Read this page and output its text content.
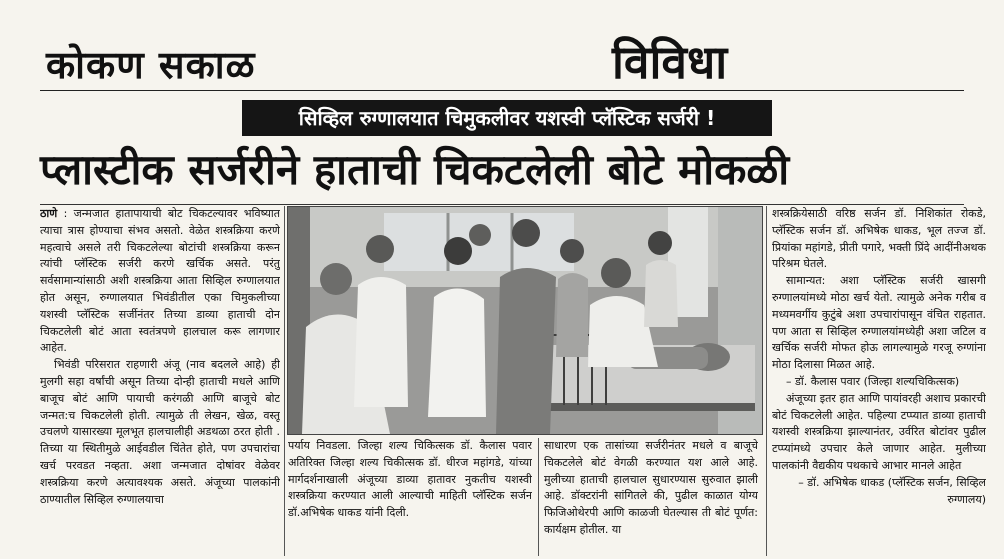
कोकण सकाळ	विविधा
सिव्हिल रुग्णालयात चिमुकलीवर यशस्वी प्लॅस्टिक सर्जरी !
प्लास्टीक सर्जरीने हाताची चिकटलेली बोटे मोकळी

ठाणे : जन्मजात हातापायाची बोट चिकटल्यावर भविष्यात त्याचा त्रास होण्याचा संभव असतो. वेळेत शस्त्रक्रिया करणे महत्वाचे असले तरी चिकटलेल्या बोटांची शस्त्रक्रिया करून त्यांची प्लॅस्टिक सर्जरी करणे खर्चिक असते. परंतु सर्वसामान्यांसाठी अशी शस्त्रक्रिया आता सिव्हिल रुग्णालयात होत असून, रुग्णालयात भिवंडीतील एका चिमुकलीच्या यशस्वी प्लॅस्टिक सर्जीनंतर तिच्या डाव्या हाताची दोन चिकटलेली बोटं आता स्वतंत्रपणे हालचाल करू लागणार आहेत.

भिवंडी परिसरात राहणारी अंजू (नाव बदलले आहे) ही मुलगी सहा वर्षांची असून तिच्या दोन्ही हाताची मधले आणि बाजूच बोटं आणि पायाची करंगळी आणि बाजूचे बोट जन्मत:च चिकटलेली होती. त्यामुळे ती लेखन, खेळ, वस्तू उचलणे यासारख्या मूलभूत हालचालीही अडथळा ठरत होती . तिच्या या स्थितीमुळे आईवडील चिंतेत होते, पण उपचारांचा खर्च परवडत नव्हता. अशा जन्मजात दोषांवर वेळेवर शस्त्रक्रिया करणे अत्यावश्यक असते. अंजूच्या पालकांनी ठाण्यातील सिव्हिल रुग्णालयाचा

पर्याय निवडला. जिल्हा शल्य चिकित्सक डॉ. कैलास पवार अतिरिक्त जिल्हा शल्य चिकीत्सक डॉ. धीरज महांगडे, यांच्या मार्गदर्शनाखाली अंजूच्या डाव्या हातावर नुकतीच यशस्वी शस्त्रक्रिया करण्यात आली आल्याची माहिती प्लॅस्टिक सर्जन डॉ.अभिषेक धाकड यांनी दिली.

साधारण एक तासांच्या सर्जरीनंतर मधले व बाजूचे चिकटलेले बोटं वेगळी करण्यात यश आले आहे. मुलीच्या हाताची हालचाल सुधारण्यास सुरुवात झाली आहे. डॉक्टरांनी सांगितले की, पुढील काळात योग्य फिजिओथेरपी आणि काळजी घेतल्यास ती बोटं पूर्णत: कार्यक्षम होतील. या

शस्त्रक्रियेसाठी वरिष्ठ सर्जन डॉ. निशिकांत रोकडे, प्लॅस्टिक सर्जन डॉ. अभिषेक धाकड, भूल तज्ज डॉ. प्रियांका महांगडे, प्रीती पगारे, भक्ती प्रिंदे आदींनीअथक परिश्रम घेतले.

सामान्यत: अशा प्लॅस्टिक सर्जरी खासगी रुग्णालयांमध्ये मोठा खर्च येतो. त्यामुळे अनेक गरीब व मध्यमवर्गीय कुटुंबे अशा उपचारांपासून वंचित राहतात. पण आता स सिव्हिल रुग्णालयांमध्येही अशा जटिल व खर्चिक सर्जरी मोफत होऊ लागल्यामुळे गरजू रुग्णांना मोठा दिलासा मिळत आहे.

– डॉ. कैलास पवार (जिल्हा शल्यचिकित्सक)

अंजूच्या इतर हात आणि पायांवरही अशाच प्रकारची बोटं चिकटलेली आहेत. पहिल्या टप्प्यात डाव्या हाताची यशस्वी शस्त्रक्रिया झाल्यानंतर, उर्वरित बोटांवर पुढील टप्प्यांमध्ये उपचार केले जाणार आहेत. मुलीच्या पालकांनी वैद्यकीय पथकाचे आभार मानले आहेत

– डॉ. अभिषेक धाकड (प्लॅस्टिक सर्जन, सिव्हिल रुग्णालय)
